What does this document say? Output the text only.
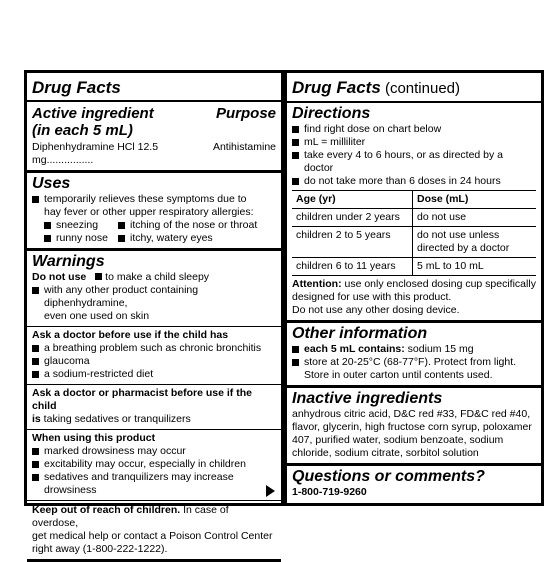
Drug Facts
Active ingredient	Purpose
(in each 5 mL)
Diphenhydramine HCl 12.5 mg................
Antihistamine
Uses
temporarily relieves these symptoms due to
hay fever or other upper respiratory allergies:
sneezing	itching of the nose or throat
runny nose	itchy, watery eyes
Warnings
Do not use to make a child sleepy
with any other product containing diphenhydramine,
even one used on skin
Ask a doctor before use if the child has
a breathing problem such as chronic bronchitis
glaucoma
a sodium-restricted diet
Ask a doctor or pharmacist before use if the child
is taking sedatives or tranquilizers
When using this product
marked drowsiness may occur
excitability may occur, especially in children
sedatives and tranquilizers may increase drowsiness
Keep out of reach of children. In case of overdose,
get medical help or contact a Poison Control Center
right away (1-800-222-1222).
Drug Facts (continued)
Directions
find right dose on chart below
mL = milliliter
take every 4 to 6 hours, or as directed by a
doctor
do not take more than 6 doses in 24 hours
Age (yr)	Dose (mL)
children under 2 years	do not use
children 2 to 5 years	do not use unless directed by a doctor
children 6 to 11 years	5 mL to 10 mL
Attention: use only enclosed dosing cup specifically designed for use with this product.
Do not use any other dosing device.
Other information
each 5 mL contains: sodium 15 mg
store at 20-25°C (68-77°F). Protect from light.
Store in outer carton until contents used.
Inactive ingredients
anhydrous citric acid, D&C red #33, FD&C red #40, flavor, glycerin, high fructose corn syrup, poloxamer 407, purified water, sodium benzoate, sodium chloride, sodium citrate, sorbitol solution
Questions or comments?
1-800-719-9260
